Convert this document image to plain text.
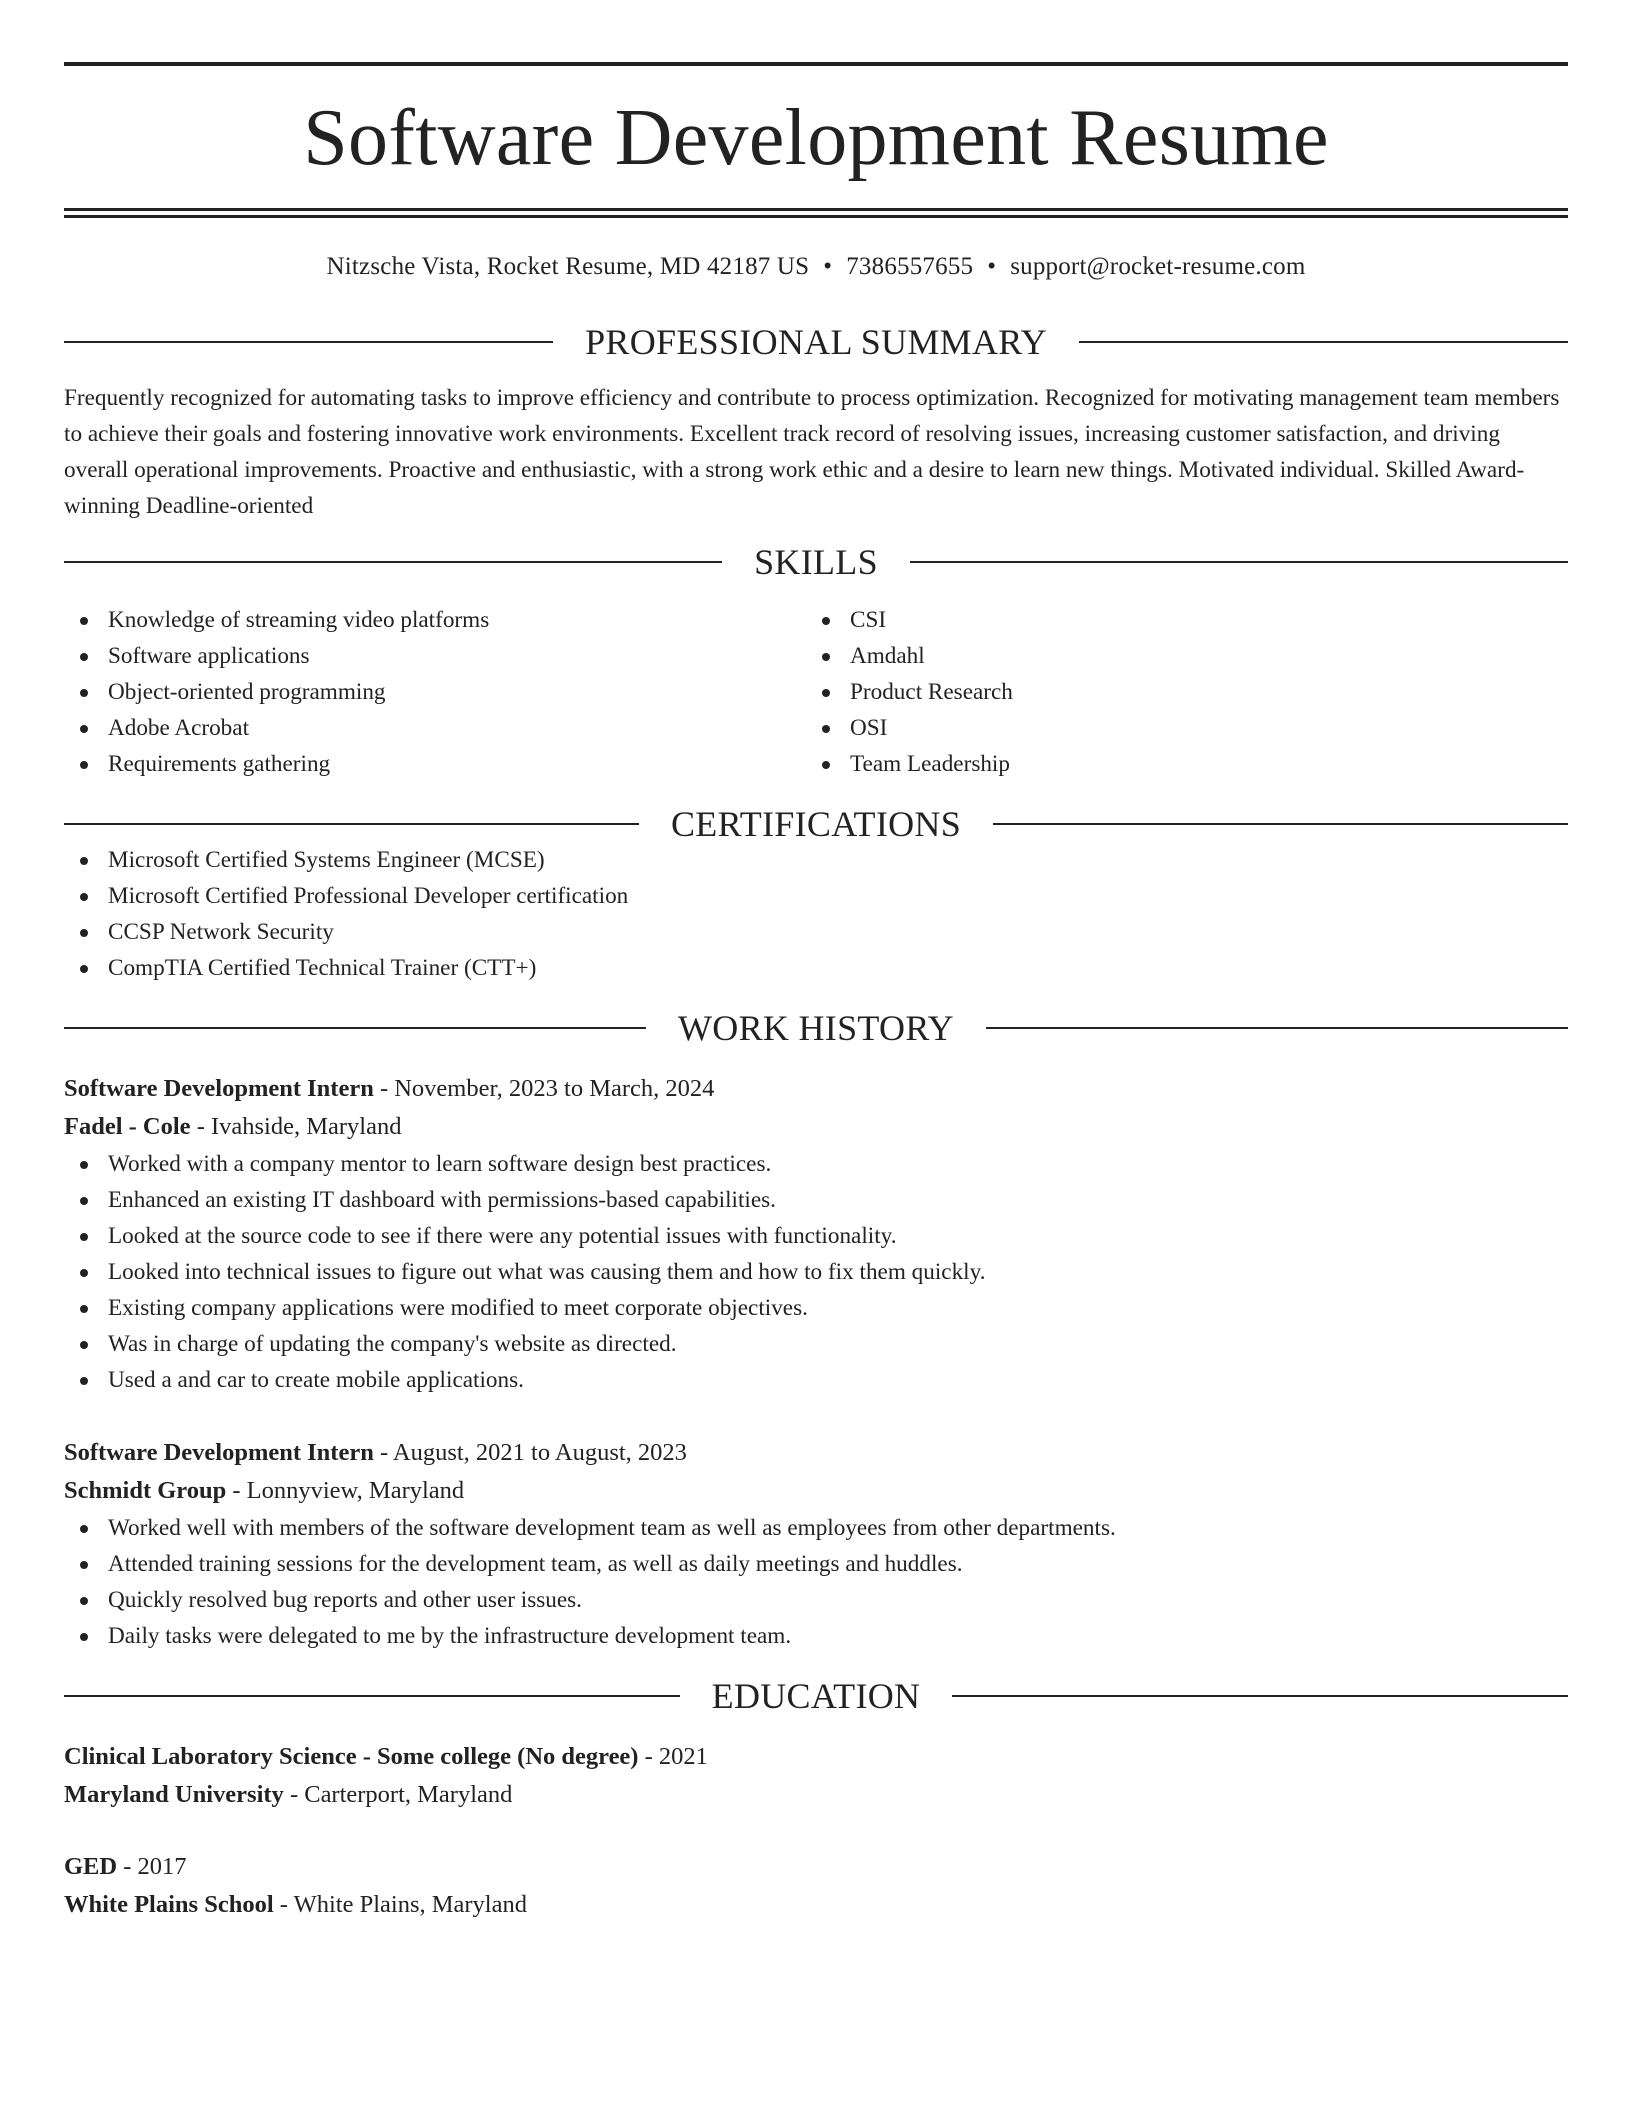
Software Development Resume
Nitzsche Vista, Rocket Resume, MD 42187 US • 7386557655 • support@rocket-resume.com
PROFESSIONAL SUMMARY

Frequently recognized for automating tasks to improve efficiency and contribute to process optimization. Recognized for motivating management team members to achieve their goals and fostering innovative work environments. Excellent track record of resolving issues, increasing customer satisfaction, and driving overall operational improvements. Proactive and enthusiastic, with a strong work ethic and a desire to learn new things. Motivated individual. Skilled Award-winning Deadline-oriented

SKILLS
Knowledge of streaming video platforms
Software applications
Object-oriented programming
Adobe Acrobat
Requirements gathering
CSI
Amdahl
Product Research
OSI
Team Leadership
CERTIFICATIONS
Microsoft Certified Systems Engineer (MCSE)
Microsoft Certified Professional Developer certification
CCSP Network Security
CompTIA Certified Technical Trainer (CTT+)
WORK HISTORY

Software Development Intern - November, 2023 to March, 2024

Fadel - Cole - Ivahside, Maryland

Worked with a company mentor to learn software design best practices.
Enhanced an existing IT dashboard with permissions-based capabilities.
Looked at the source code to see if there were any potential issues with functionality.
Looked into technical issues to figure out what was causing them and how to fix them quickly.
Existing company applications were modified to meet corporate objectives.
Was in charge of updating the company's website as directed.
Used a and car to create mobile applications.

Software Development Intern - August, 2021 to August, 2023

Schmidt Group - Lonnyview, Maryland

Worked well with members of the software development team as well as employees from other departments.
Attended training sessions for the development team, as well as daily meetings and huddles.
Quickly resolved bug reports and other user issues.
Daily tasks were delegated to me by the infrastructure development team.
EDUCATION

Clinical Laboratory Science - Some college (No degree) - 2021

Maryland University - Carterport, Maryland

GED - 2017

White Plains School - White Plains, Maryland
